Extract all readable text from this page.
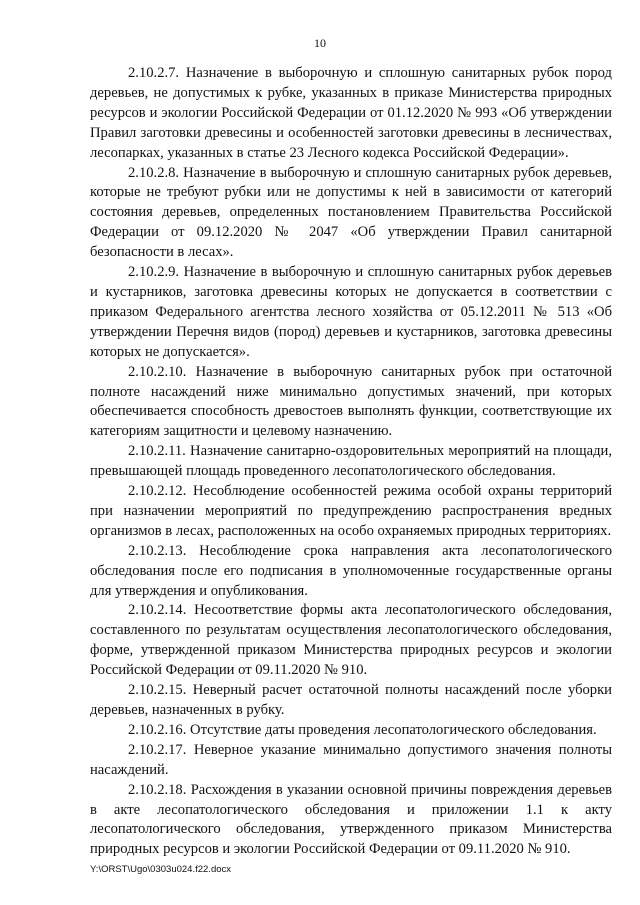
10

2.10.2.7. Назначение в выборочную и сплошную санитарных рубок пород деревьев, не допустимых к рубке, указанных в приказе Министерства природных ресурсов и экологии Российской Федерации от 01.12.2020 № 993 «Об утверждении Правил заготовки древесины и особенностей заготовки древесины в лесничествах, лесопарках, указанных в статье 23 Лесного кодекса Российской Федерации».

2.10.2.8. Назначение в выборочную и сплошную санитарных рубок деревьев, которые не требуют рубки или не допустимы к ней в зависимости от категорий состояния деревьев, определенных постановлением Правительства Российской Федерации от 09.12.2020 № 2047 «Об утверждении Правил санитарной безопасности в лесах».

2.10.2.9. Назначение в выборочную и сплошную санитарных рубок деревьев и кустарников, заготовка древесины которых не допускается в соответствии с приказом Федерального агентства лесного хозяйства от 05.12.2011 № 513 «Об утверждении Перечня видов (пород) деревьев и кустарников, заготовка древесины которых не допускается».

2.10.2.10. Назначение в выборочную санитарных рубок при остаточной полноте насаждений ниже минимально допустимых значений, при которых обеспечивается способность древостоев выполнять функции, соответствующие их категориям защитности и целевому назначению.

2.10.2.11. Назначение санитарно-оздоровительных мероприятий на площади, превышающей площадь проведенного лесопатологического обследования.

2.10.2.12. Несоблюдение особенностей режима особой охраны территорий при назначении мероприятий по предупреждению распространения вредных организмов в лесах, расположенных на особо охраняемых природных территориях.

2.10.2.13. Несоблюдение срока направления акта лесопатологического обследования после его подписания в уполномоченные государственные органы для утверждения и опубликования.

2.10.2.14. Несоответствие формы акта лесопатологического обследования, составленного по результатам осуществления лесопатологического обследования, форме, утвержденной приказом Министерства природных ресурсов и экологии Российской Федерации от 09.11.2020 № 910.

2.10.2.15. Неверный расчет остаточной полноты насаждений после уборки деревьев, назначенных в рубку.

2.10.2.16. Отсутствие даты проведения лесопатологического обследования.

2.10.2.17. Неверное указание минимально допустимого значения полноты насаждений.

2.10.2.18. Расхождения в указании основной причины повреждения деревьев в акте лесопатологического обследования и приложении 1.1 к акту лесопатологического обследования, утвержденного приказом Министерства природных ресурсов и экологии Российской Федерации от 09.11.2020 № 910.

Y:\ORST\Ugo\0303u024.f22.docx
